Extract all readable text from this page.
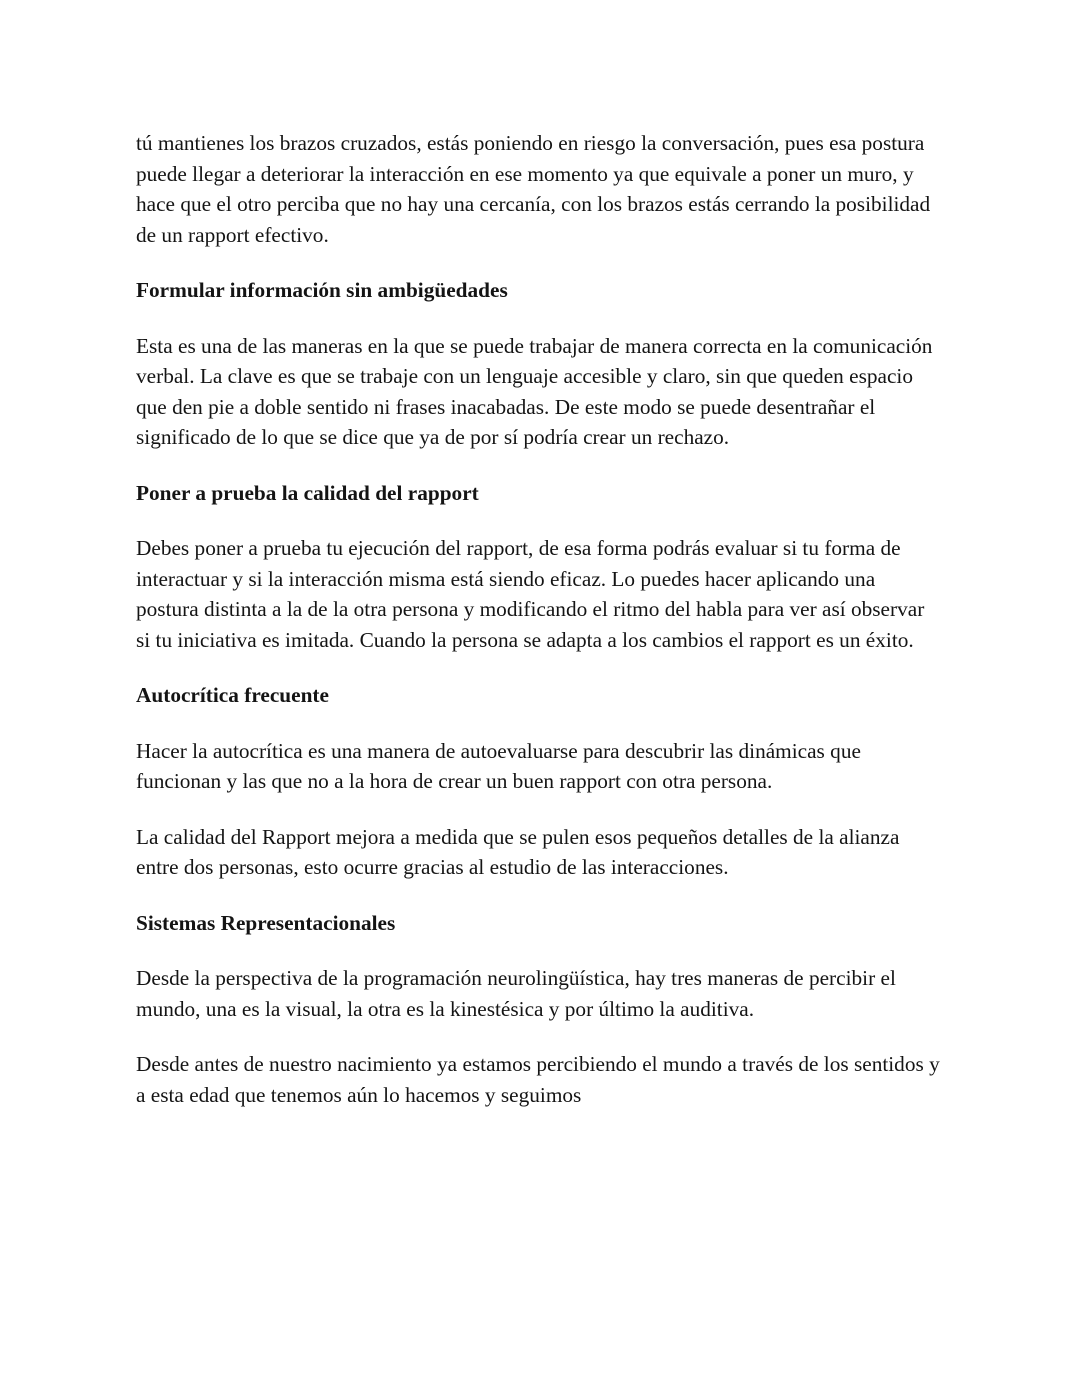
tú mantienes los brazos cruzados, estás poniendo en riesgo la conversación, pues esa postura puede llegar a deteriorar la interacción en ese momento ya que equivale a poner un muro, y hace que el otro perciba que no hay una cercanía, con los brazos estás cerrando la posibilidad de un rapport efectivo.

Formular información sin ambigüedades

Esta es una de las maneras en la que se puede trabajar de manera correcta en la comunicación verbal. La clave es que se trabaje con un lenguaje accesible y claro, sin que queden espacio que den pie a doble sentido ni frases inacabadas. De este modo se puede desentrañar el significado de lo que se dice que ya de por sí podría crear un rechazo.

Poner a prueba la calidad del rapport

Debes poner a prueba tu ejecución del rapport, de esa forma podrás evaluar si tu forma de interactuar y si la interacción misma está siendo eficaz. Lo puedes hacer aplicando una postura distinta a la de la otra persona y modificando el ritmo del habla para ver así observar si tu iniciativa es imitada. Cuando la persona se adapta a los cambios el rapport es un éxito.

Autocrítica frecuente

Hacer la autocrítica es una manera de autoevaluarse para descubrir las dinámicas que funcionan y las que no a la hora de crear un buen rapport con otra persona.

La calidad del Rapport mejora a medida que se pulen esos pequeños detalles de la alianza entre dos personas, esto ocurre gracias al estudio de las interacciones.

Sistemas Representacionales

Desde la perspectiva de la programación neurolingüística, hay tres maneras de percibir el mundo, una es la visual, la otra es la kinestésica y por último la auditiva.

Desde antes de nuestro nacimiento ya estamos percibiendo el mundo a través de los sentidos y a esta edad que tenemos aún lo hacemos y seguimos
